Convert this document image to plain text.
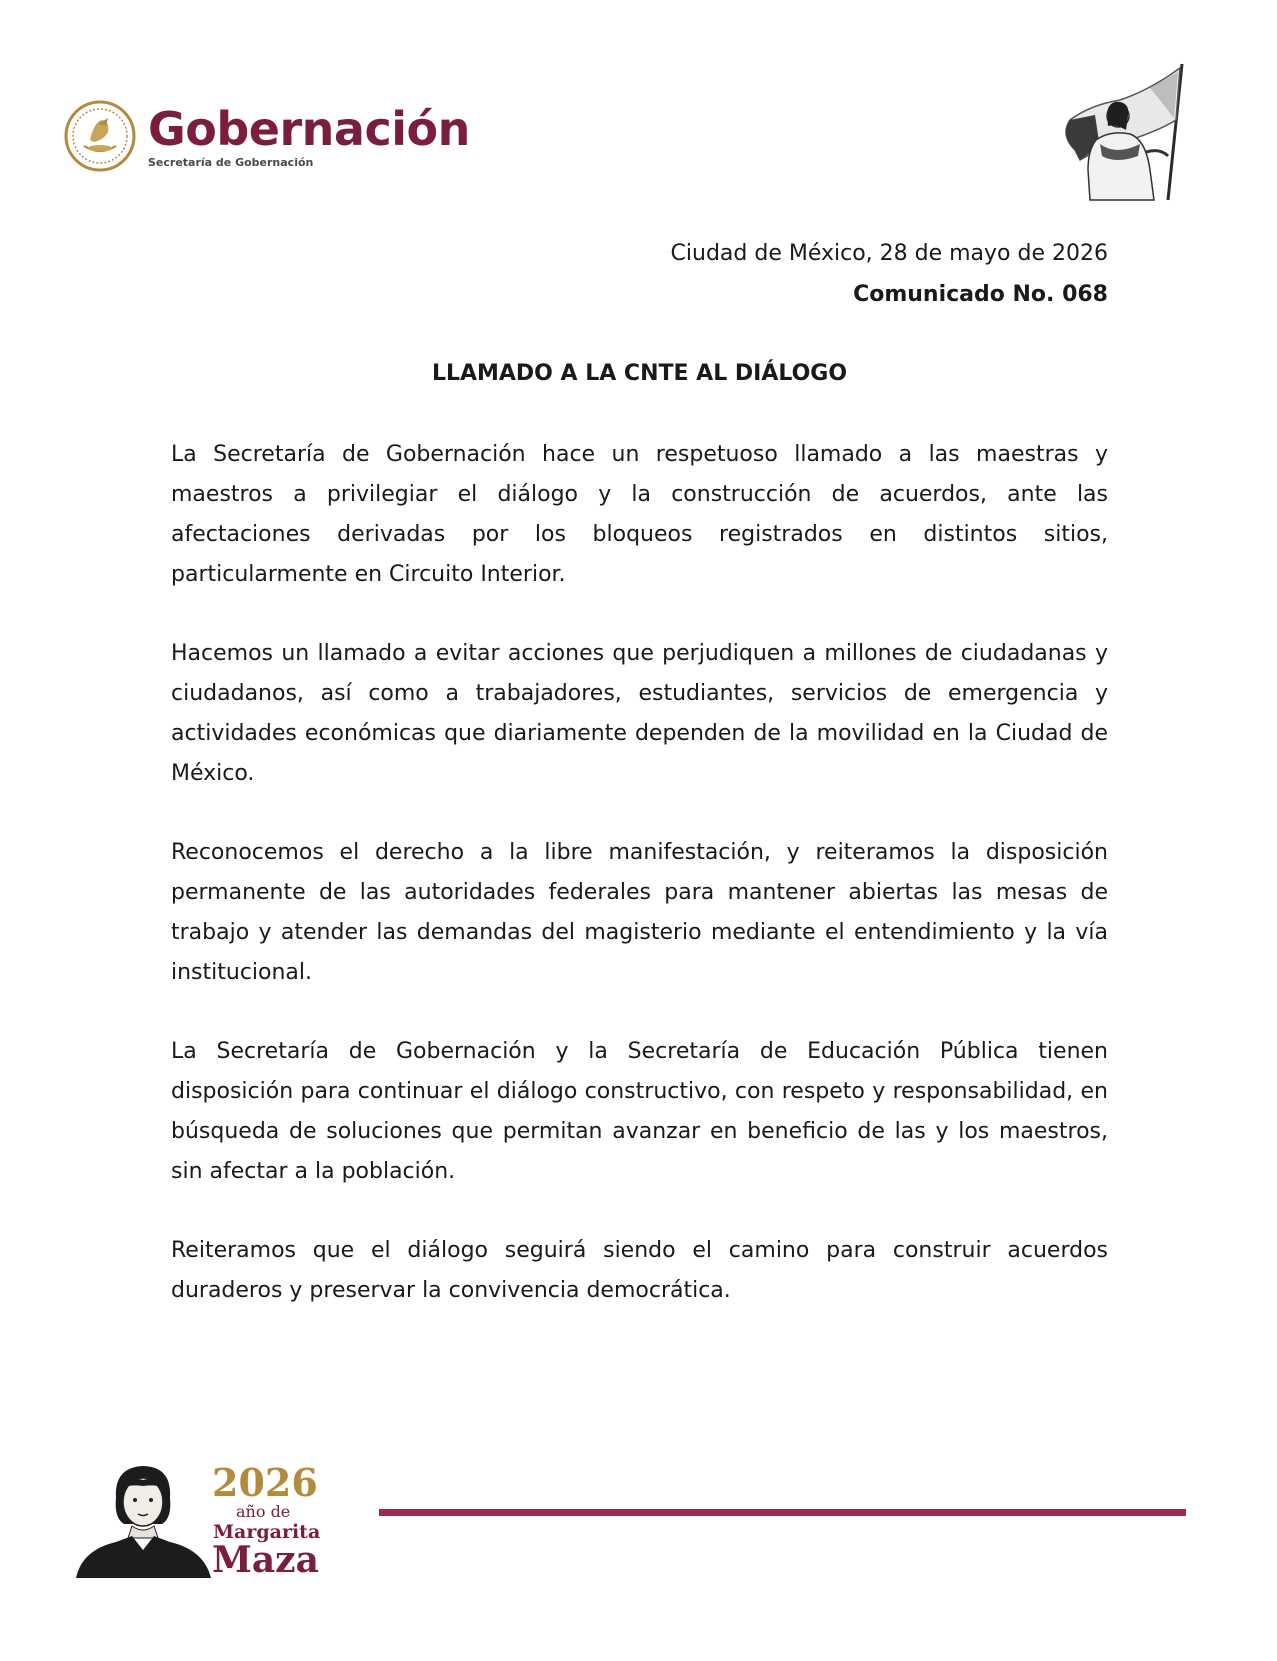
Gobernación
Secretaría de Gobernación
Ciudad de México, 28 de mayo de 2026
Comunicado No. 068
LLAMADO A LA CNTE AL DIÁLOGO

La Secretaría de Gobernación hace un respetuoso llamado a las maestras y maestros a privilegiar el diálogo y la construcción de acuerdos, ante las afectaciones derivadas por los bloqueos registrados en distintos sitios, particularmente en Circuito Interior.

Hacemos un llamado a evitar acciones que perjudiquen a millones de ciudadanas y ciudadanos, así como a trabajadores, estudiantes, servicios de emergencia y actividades económicas que diariamente dependen de la movilidad en la Ciudad de México.

Reconocemos el derecho a la libre manifestación, y reiteramos la disposición permanente de las autoridades federales para mantener abiertas las mesas de trabajo y atender las demandas del magisterio mediante el entendimiento y la vía institucional.

La Secretaría de Gobernación y la Secretaría de Educación Pública tienen disposición para continuar el diálogo constructivo, con respeto y responsabilidad, en búsqueda de soluciones que permitan avanzar en beneficio de las y los maestros, sin afectar a la población.

Reiteramos que el diálogo seguirá siendo el camino para construir acuerdos duraderos y preservar la convivencia democrática.

2026
año de
Margarita
Maza
